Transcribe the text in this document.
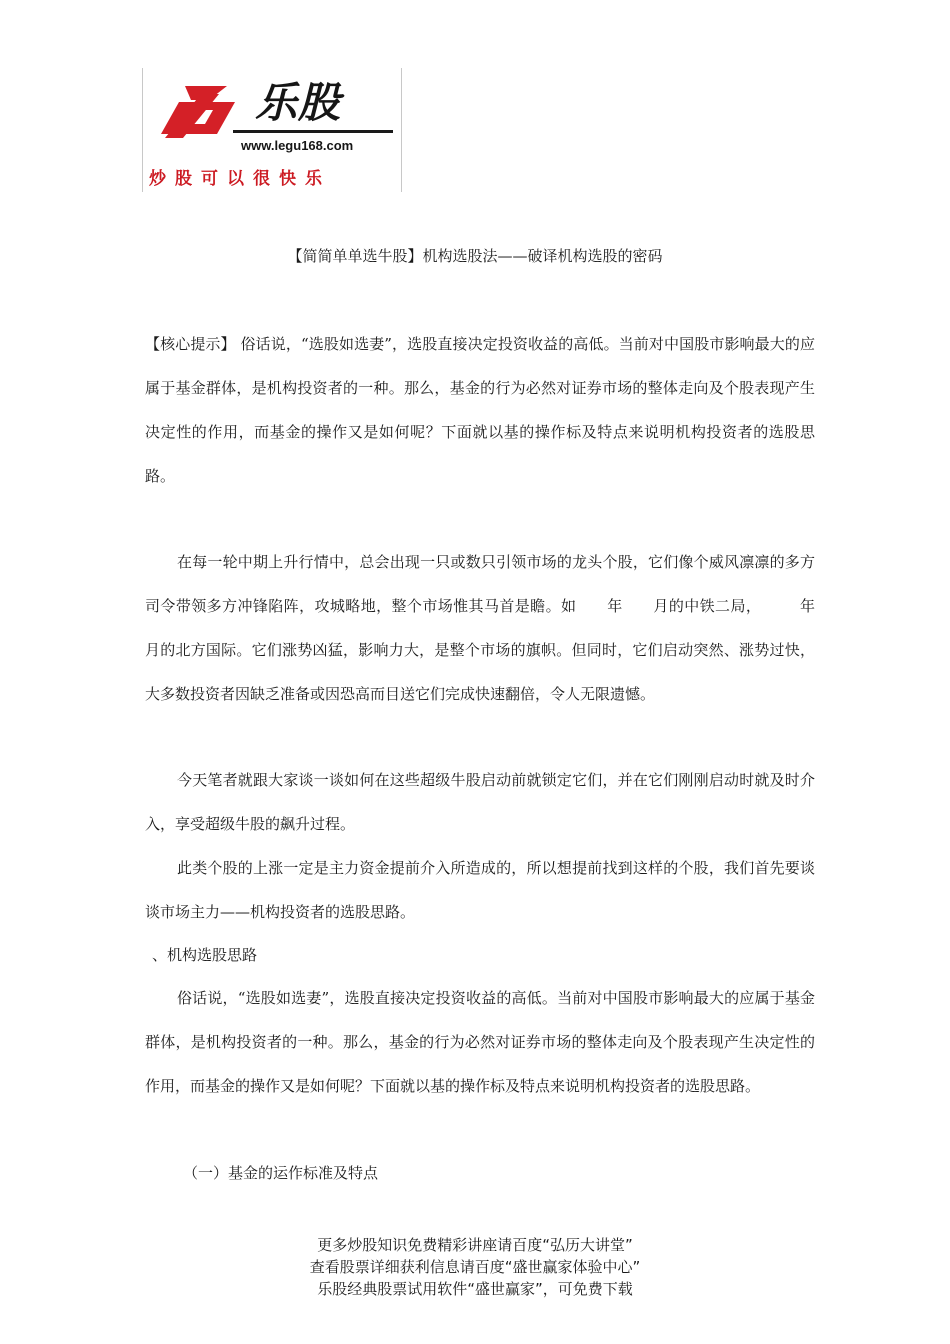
乐股
www.legu168.com
炒股可以很快乐
【简简单单选牛股】机构选股法——破译机构选股的密码

【核心提示】 俗话说，“选股如选妻”，选股直接决定投资收益的高低。当前对中国股市影响最大的应属于基金群体，是机构投资者的一种。那么，基金的行为必然对证券市场的整体走向及个股表现产生决定性的作用，而基金的操作又是如何呢？下面就以基的操作标及特点来说明机构投资者的选股思路。

在每一轮中期上升行情中，总会出现一只或数只引领市场的龙头个股，它们像个威风凛凛的多方司令带领多方冲锋陷阵，攻城略地，整个市场惟其马首是瞻。如　　年　　月的中铁二局，　　　年　月的北方国际。它们涨势凶猛，影响力大，是整个市场的旗帜。但同时，它们启动突然、涨势过快，大多数投资者因缺乏准备或因恐高而目送它们完成快速翻倍，令人无限遗憾。

今天笔者就跟大家谈一谈如何在这些超级牛股启动前就锁定它们，并在它们刚刚启动时就及时介入，享受超级牛股的飙升过程。

此类个股的上涨一定是主力资金提前介入所造成的，所以想提前找到这样的个股，我们首先要谈谈市场主力——机构投资者的选股思路。

、机构选股思路

俗话说，“选股如选妻”，选股直接决定投资收益的高低。当前对中国股市影响最大的应属于基金群体，是机构投资者的一种。那么，基金的行为必然对证券市场的整体走向及个股表现产生决定性的作用，而基金的操作又是如何呢？下面就以基的操作标及特点来说明机构投资者的选股思路。

（一）基金的运作标准及特点
更多炒股知识免费精彩讲座请百度“弘历大讲堂”
查看股票详细获利信息请百度“盛世赢家体验中心”
乐股经典股票试用软件“盛世赢家”，可免费下载
